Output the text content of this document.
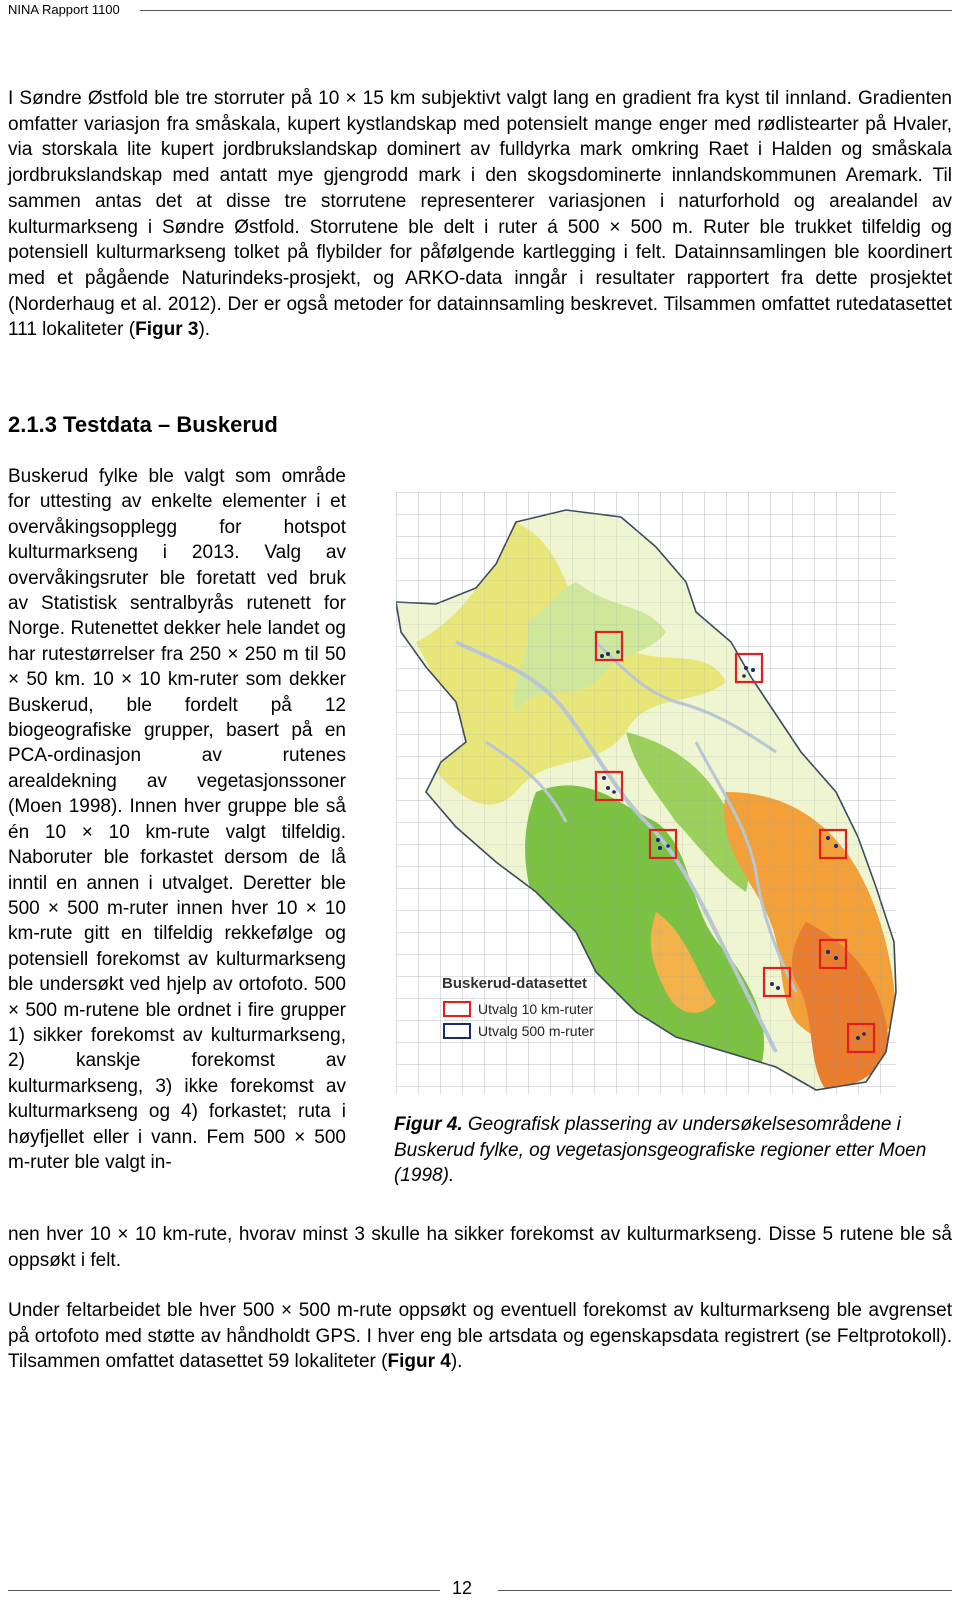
NINA Rapport 1100

I Søndre Østfold ble tre storruter på 10 × 15 km subjektivt valgt lang en gradient fra kyst til innland. Gradienten omfatter variasjon fra småskala, kupert kystlandskap med potensielt mange enger med rødlistearter på Hvaler, via storskala lite kupert jordbrukslandskap dominert av fulldyrka mark omkring Raet i Halden og småskala jordbrukslandskap med antatt mye gjengrodd mark i den skogsdominerte innlandskommunen Aremark. Til sammen antas det at disse tre storrutene representerer variasjonen i naturforhold og arealandel av kulturmarkseng i Søndre Østfold. Storrutene ble delt i ruter á 500 × 500 m. Ruter ble trukket tilfeldig og potensiell kulturmarkseng tolket på flybilder for påfølgende kartlegging i felt. Datainnsamlingen ble koordinert med et pågående Naturindeks-prosjekt, og ARKO-data inngår i resultater rapportert fra dette prosjektet (Norderhaug et al. 2012). Der er også metoder for datainnsamling beskrevet. Tilsammen omfattet rutedatasettet 111 lokaliteter (Figur 3).

2.1.3 Testdata – Buskerud

Buskerud fylke ble valgt som område for uttesting av enkelte elementer i et overvåkingsopplegg for hotspot kulturmarkseng i 2013. Valg av overvåkingsruter ble foretatt ved bruk av Statistisk sentralbyrås rutenett for Norge. Rutenettet dekker hele landet og har rutestørrelser fra 250 × 250 m til 50 × 50 km. 10 × 10 km-ruter som dekker Buskerud, ble fordelt på 12 biogeografiske grupper, basert på en PCA-ordinasjon av rutenes arealdekning av vegetasjonssoner (Moen 1998). Innen hver gruppe ble så én 10 × 10 km-rute valgt tilfeldig. Naboruter ble forkastet dersom de lå inntil en annen i utvalget. Deretter ble 500 × 500 m-ruter innen hver 10 × 10 km-rute gitt en tilfeldig rekkefølge og potensiell forekomst av kulturmarkseng ble undersøkt ved hjelp av ortofoto. 500 × 500 m-rutene ble ordnet i fire grupper 1) sikker forekomst av kulturmarkseng, 2) kanskje forekomst av kulturmarkseng, 3) ikke forekomst av kulturmarkseng og 4) forkastet; ruta i høyfjellet eller i vann. Fem 500 × 500 m-ruter ble valgt in-

Buskerud-datasettet
Utvalg 10 km-ruter
Utvalg 500 m-ruter

Figur 4. Geografisk plassering av undersøkelsesområdene i Buskerud fylke, og vegetasjonsgeografiske regioner etter Moen (1998).

nen hver 10 × 10 km-rute, hvorav minst 3 skulle ha sikker forekomst av kulturmarkseng. Disse 5 rutene ble så oppsøkt i felt.

Under feltarbeidet ble hver 500 × 500 m-rute oppsøkt og eventuell forekomst av kulturmarkseng ble avgrenset på ortofoto med støtte av håndholdt GPS. I hver eng ble artsdata og egenskapsdata registrert (se Feltprotokoll). Tilsammen omfattet datasettet 59 lokaliteter (Figur 4).

12
